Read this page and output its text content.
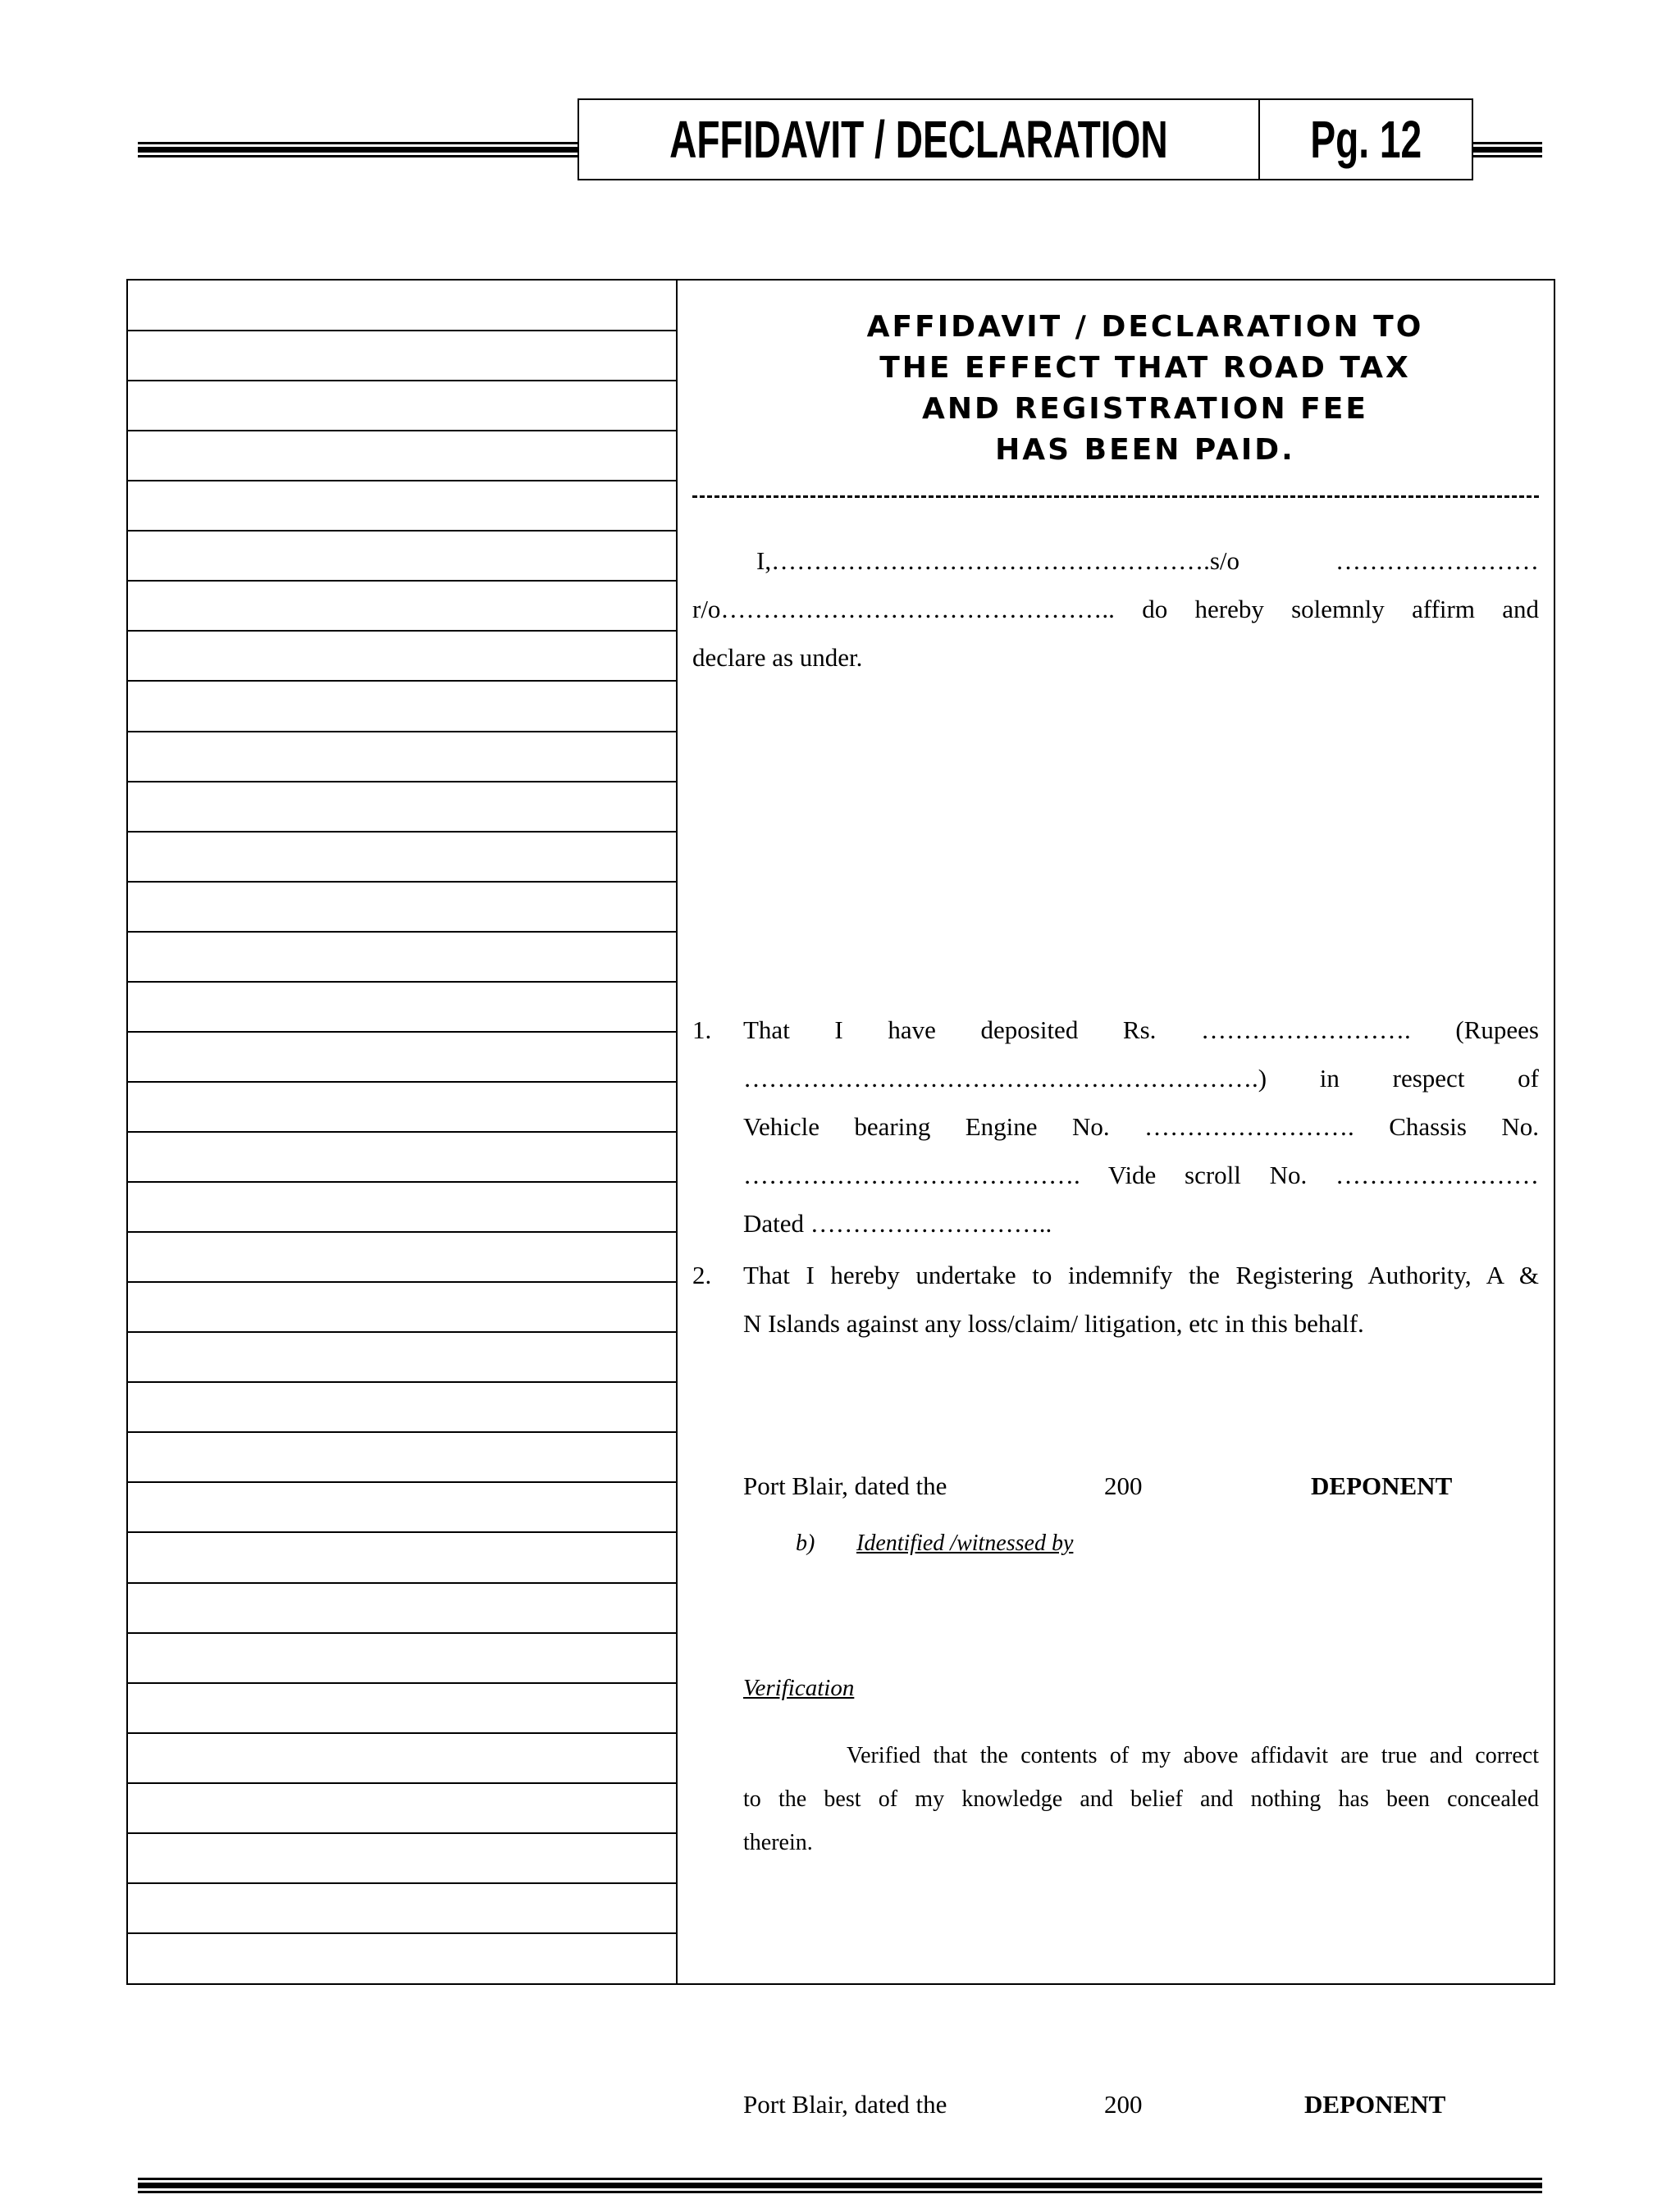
AFFIDAVIT / DECLARATION	Pg. 12
AFFIDAVIT / DECLARATION TO
THE EFFECT THAT ROAD TAX
AND REGISTRATION FEE
HAS BEEN PAID.
I,…………………………………………….s/o ……………………
r/o……………………………………….. do hereby solemnly affirm and
declare as under.
1. That I have deposited Rs. ……………………. (Rupees
…………………………………………………….) in respect of
Vehicle bearing Engine No. ……………………. Chassis No.
…………………………………. Vide scroll No. ……………………
Dated ………………………..
2. That I hereby undertake to indemnify the Registering Authority, A &
N Islands against any loss/claim/ litigation, etc in this behalf.
Port Blair, dated the	200	DEPONENT
b) Identified /witnessed by
Verification
Verified that the contents of my above affidavit are true and correct
to the best of my knowledge and belief and nothing has been concealed
therein.
Port Blair, dated the	200	DEPONENT
